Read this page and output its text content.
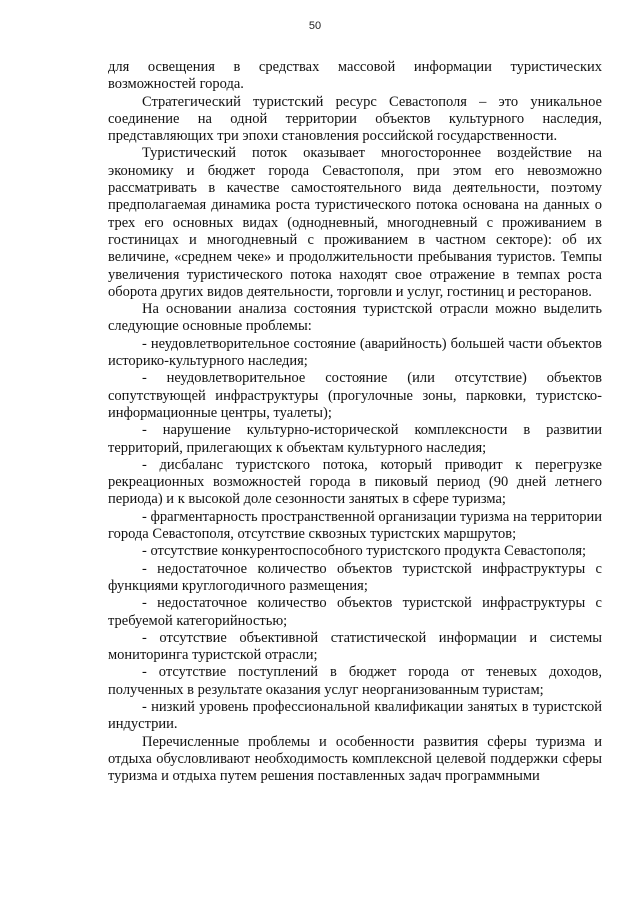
50

для освещения в средствах массовой информации туристических возможностей города.

Стратегический туристский ресурс Севастополя – это уникальное соединение на одной территории объектов культурного наследия, представляющих три эпохи становления российской государственности.

Туристический поток оказывает многостороннее воздействие на экономику и бюджет города Севастополя, при этом его невозможно рассматривать в качестве самостоятельного вида деятельности, поэтому предполагаемая динамика роста туристического потока основана на данных о трех его основных видах (однодневный, многодневный с проживанием в гостиницах и многодневный с проживанием в частном секторе): об их величине, «среднем чеке» и продолжительности пребывания туристов. Темпы увеличения туристического потока находят свое отражение в темпах роста оборота других видов деятельности, торговли и услуг, гостиниц и ресторанов.

На основании анализа состояния туристской отрасли можно выделить следующие основные проблемы:

- неудовлетворительное состояние (аварийность) большей части объектов историко-культурного наследия;

- неудовлетворительное состояние (или отсутствие) объектов сопутствующей инфраструктуры (прогулочные зоны, парковки, туристско-информационные центры, туалеты);

- нарушение культурно-исторической комплексности в развитии территорий, прилегающих к объектам культурного наследия;

- дисбаланс туристского потока, который приводит к перегрузке рекреационных возможностей города в пиковый период (90 дней летнего периода) и к высокой доле сезонности занятых в сфере туризма;

- фрагментарность пространственной организации туризма на территории города Севастополя, отсутствие сквозных туристских маршрутов;

- отсутствие конкурентоспособного туристского продукта Севастополя;

- недостаточное количество объектов туристской инфраструктуры с функциями круглогодичного размещения;

- недостаточное количество объектов туристской инфраструктуры с требуемой категорийностью;

- отсутствие объективной статистической информации и системы мониторинга туристской отрасли;

- отсутствие поступлений в бюджет города от теневых доходов, полученных в результате оказания услуг неорганизованным туристам;

- низкий уровень профессиональной квалификации занятых в туристской индустрии.

Перечисленные проблемы и особенности развития сферы туризма и отдыха обусловливают необходимость комплексной целевой поддержки сферы туризма и отдыха путем решения поставленных задач программными
